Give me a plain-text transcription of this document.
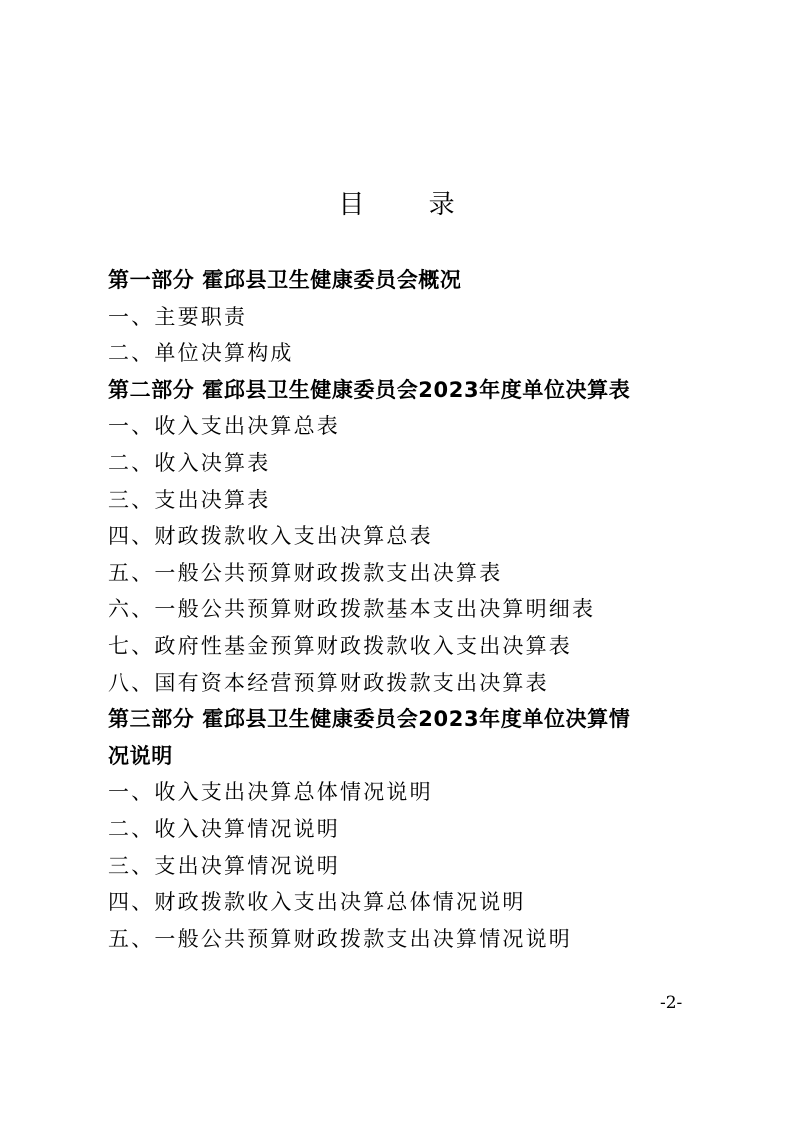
目 录
第一部分 霍邱县卫生健康委员会概况
一、主要职责
二、单位决算构成
第二部分 霍邱县卫生健康委员会2023年度单位决算表
一、收入支出决算总表
二、收入决算表
三、支出决算表
四、财政拨款收入支出决算总表
五、一般公共预算财政拨款支出决算表
六、一般公共预算财政拨款基本支出决算明细表
七、政府性基金预算财政拨款收入支出决算表
八、国有资本经营预算财政拨款支出决算表
第三部分 霍邱县卫生健康委员会2023年度单位决算情
况说明
一、收入支出决算总体情况说明
二、收入决算情况说明
三、支出决算情况说明
四、财政拨款收入支出决算总体情况说明
五、一般公共预算财政拨款支出决算情况说明
-2-
